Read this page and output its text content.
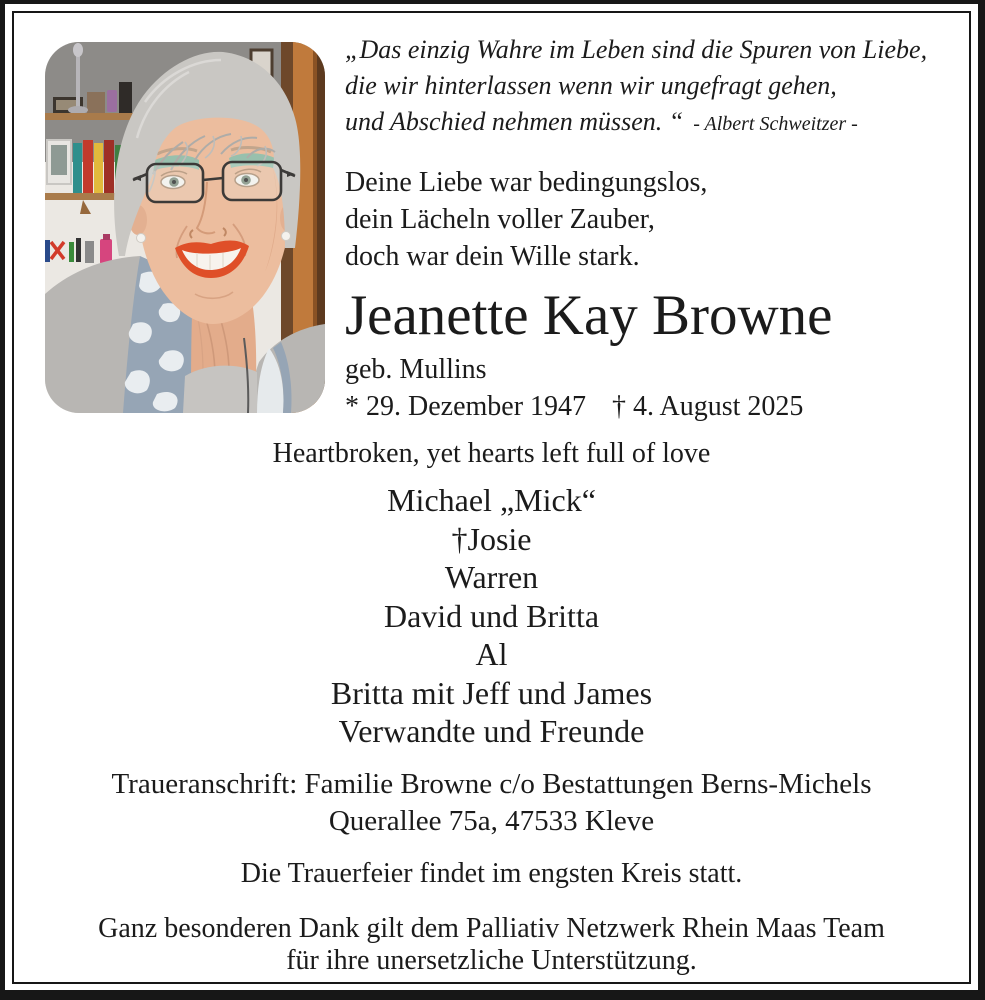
„Das einzig Wahre im Leben sind die Spuren von Liebe,
die wir hinterlassen wenn wir ungefragt gehen,
und Abschied nehmen müssen. “ - Albert Schweitzer -
Deine Liebe war bedingungslos,
dein Lächeln voller Zauber,
doch war dein Wille stark.
Jeanette Kay Browne
geb. Mullins
* 29. Dezember 1947 † 4. August 2025
Heartbroken, yet hearts left full of love
Michael „Mick“
†Josie
Warren
David und Britta
Al
Britta mit Jeff und James
Verwandte und Freunde
Traueranschrift: Familie Browne c/o Bestattungen Berns-Michels
Querallee 75a, 47533 Kleve
Die Trauerfeier findet im engsten Kreis statt.
Ganz besonderen Dank gilt dem Palliativ Netzwerk Rhein Maas Team
für ihre unersetzliche Unterstützung.
